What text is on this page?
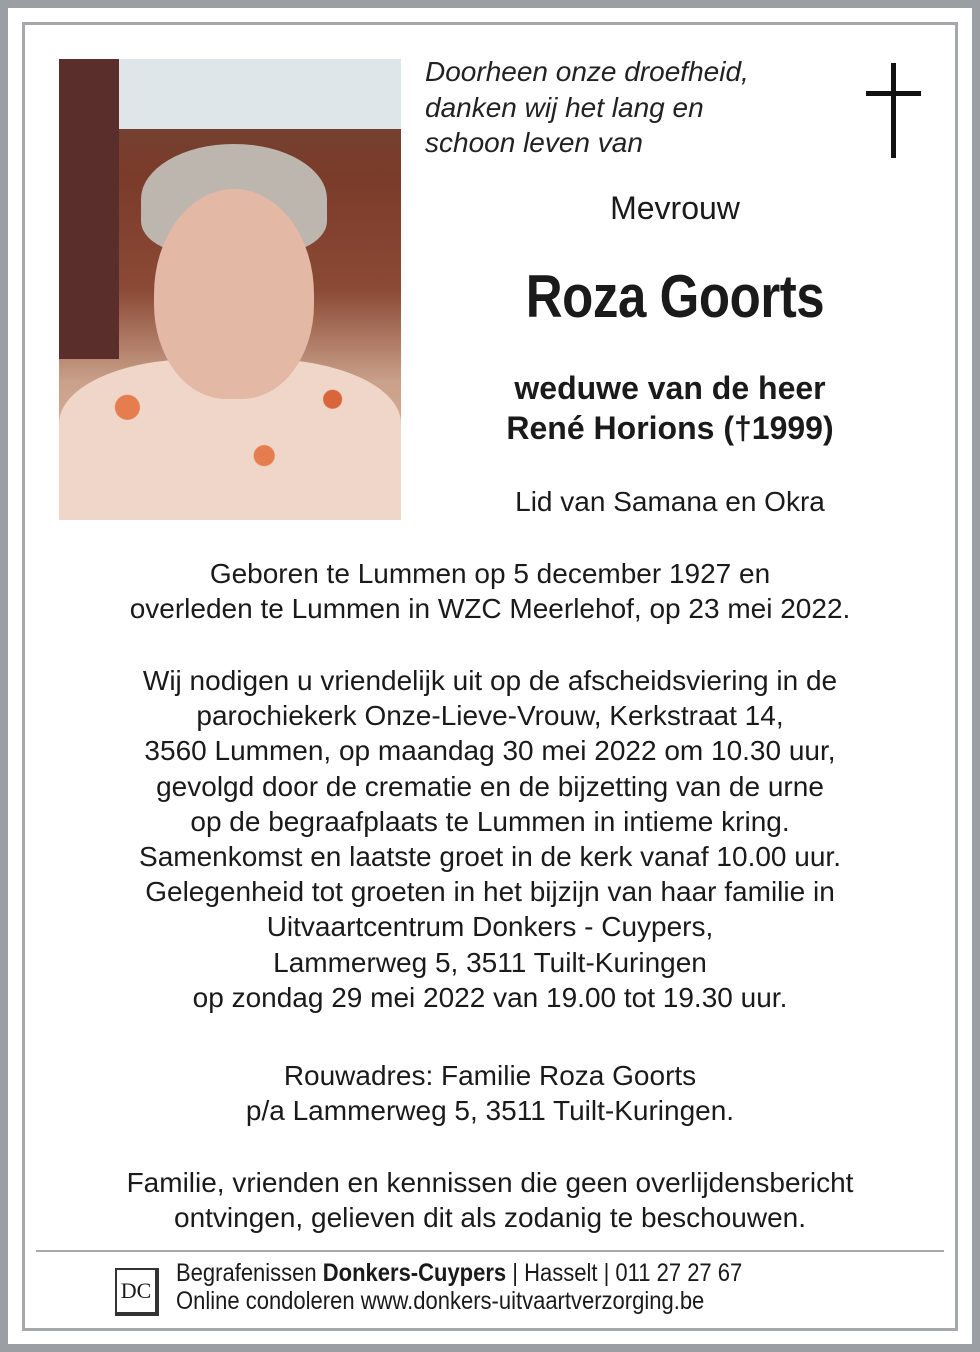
Doorheen onze droefheid,
danken wij het lang en
schoon leven van
Mevrouw
Roza Goorts
weduwe van de heer
René Horions (†1999)
Lid van Samana en Okra
Geboren te Lummen op 5 december 1927 en
overleden te Lummen in WZC Meerlehof, op 23 mei 2022.
Wij nodigen u vriendelijk uit op de afscheidsviering in de
parochiekerk Onze-Lieve-Vrouw, Kerkstraat 14,
3560 Lummen, op maandag 30 mei 2022 om 10.30 uur,
gevolgd door de crematie en de bijzetting van de urne
op de begraafplaats te Lummen in intieme kring.
Samenkomst en laatste groet in de kerk vanaf 10.00 uur.
Gelegenheid tot groeten in het bijzijn van haar familie in
Uitvaartcentrum Donkers - Cuypers,
Lammerweg 5, 3511 Tuilt-Kuringen
op zondag 29 mei 2022 van 19.00 tot 19.30 uur.
Rouwadres: Familie Roza Goorts
p/a Lammerweg 5, 3511 Tuilt-Kuringen.
Familie, vrienden en kennissen die geen overlijdensbericht
ontvingen, gelieven dit als zodanig te beschouwen.
DC
Begrafenissen Donkers-Cuypers | Hasselt | 011 27 27 67
Online condoleren www.donkers-uitvaartverzorging.be
